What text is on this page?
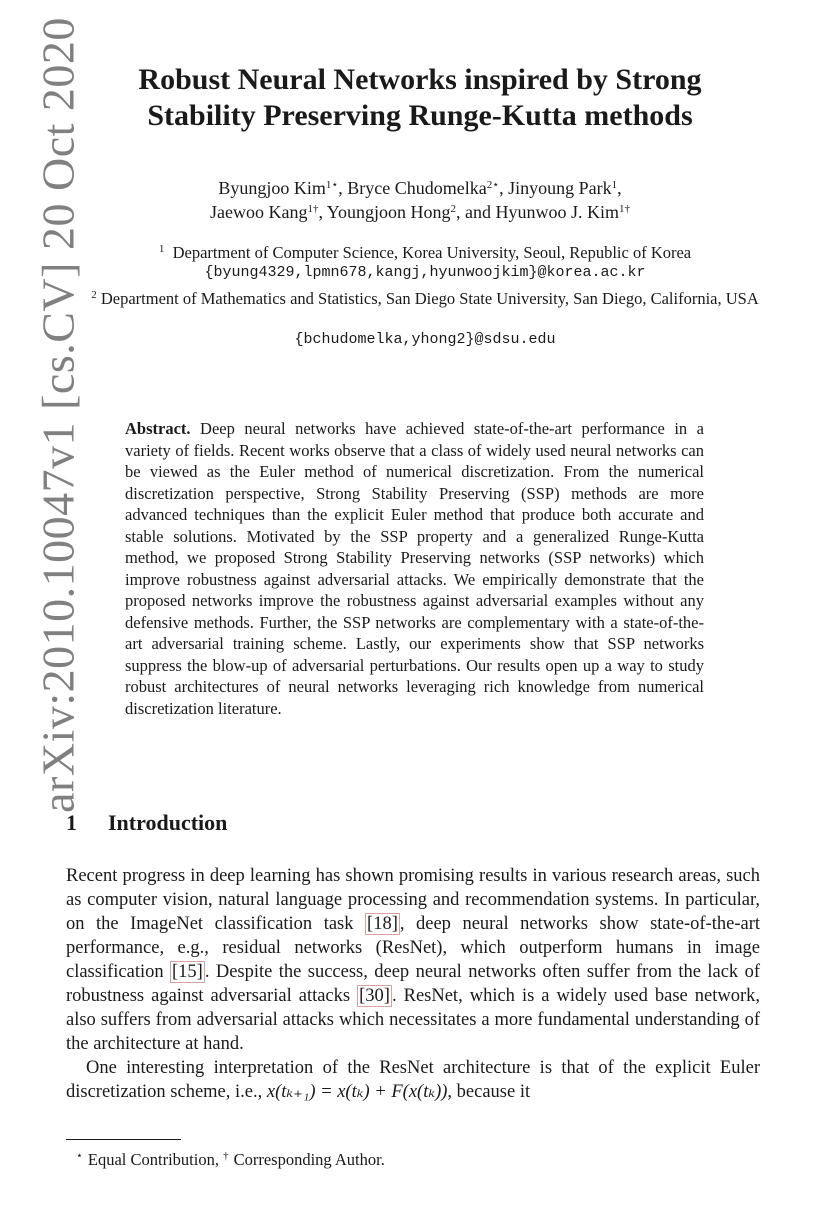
arXiv:2010.10047v1 [cs.CV] 20 Oct 2020	Robust Neural Networks inspired by Strong
Stability Preserving Runge-Kutta methods
Byungjoo Kim$^{1⋆}$, Bryce Chudomelka$^{2⋆}$, Jinyoung Park$^1$,
Jaewoo Kang$^{1\dagger}$, Youngjoon Hong$^2$, and Hyunwoo J. Kim$^{1\dagger}$
$^1$ Department of Computer Science, Korea University, Seoul, Republic of Korea
{byung4329,lpmn678,kangj,hyunwoojkim}@korea.ac.kr
$^2$ Department of Mathematics and Statistics, San Diego State University, San Diego, California, USA
{bchudomelka,yhong2}@sdsu.edu
Abstract. Deep neural networks have achieved state-of-the-art performance in a variety of fields. Recent works observe that a class of widely used neural networks can be viewed as the Euler method of numerical discretization. From the numerical discretization perspective, Strong Stability Preserving (SSP) methods are more advanced techniques than the explicit Euler method that produce both accurate and stable solutions. Motivated by the SSP property and a generalized Runge-Kutta method, we proposed Strong Stability Preserving networks (SSP networks) which improve robustness against adversarial attacks. We empirically demonstrate that the proposed networks improve the robustness against adversarial examples without any defensive methods. Further, the SSP networks are complementary with a state-of-the-art adversarial training scheme. Lastly, our experiments show that SSP networks suppress the blow-up of adversarial perturbations. Our results open up a way to study robust architectures of neural networks leveraging rich knowledge from numerical discretization literature.
1 Introduction

Recent progress in deep learning has shown promising results in various research areas, such as computer vision, natural language processing and recommendation systems. In particular, on the ImageNet classification task [18] , deep neural networks show state-of-the-art performance, e.g., residual networks (ResNet), which outperform humans in image classification [15] . Despite the success, deep neural networks often suffer from the lack of robustness against adversarial attacks [30] . ResNet, which is a widely used base network, also suffers from adversarial attacks which necessitates a more fundamental understanding of the architecture at hand.

One interesting interpretation of the ResNet architecture is that of the explicit Euler discretization scheme, i.e., x(tₖ₊₁) = x(tₖ) + F(x(tₖ)), because it

⋆ Equal Contribution, † Corresponding Author.
